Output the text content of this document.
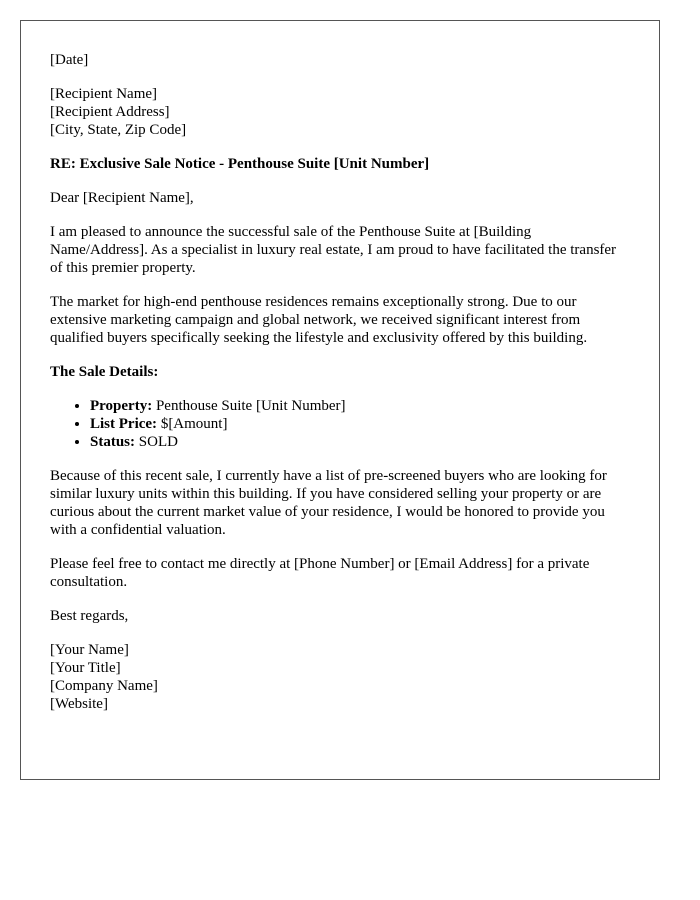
[Date]

[Recipient Name]

[Recipient Address]

[City, State, Zip Code]

RE: Exclusive Sale Notice - Penthouse Suite [Unit Number]

Dear [Recipient Name],

I am pleased to announce the successful sale of the Penthouse Suite at [Building Name/Address]. As a specialist in luxury real estate, I am proud to have facilitated the transfer of this premier property.

The market for high-end penthouse residences remains exceptionally strong. Due to our extensive marketing campaign and global network, we received significant interest from qualified buyers specifically seeking the lifestyle and exclusivity offered by this building.

The Sale Details:

• Property: Penthouse Suite [Unit Number]
• List Price: $[Amount]
• Status: SOLD

Because of this recent sale, I currently have a list of pre-screened buyers who are looking for similar luxury units within this building. If you have considered selling your property or are curious about the current market value of your residence, I would be honored to provide you with a confidential valuation.

Please feel free to contact me directly at [Phone Number] or [Email Address] for a private consultation.

Best regards,

[Your Name]

[Your Title]

[Company Name]

[Website]
